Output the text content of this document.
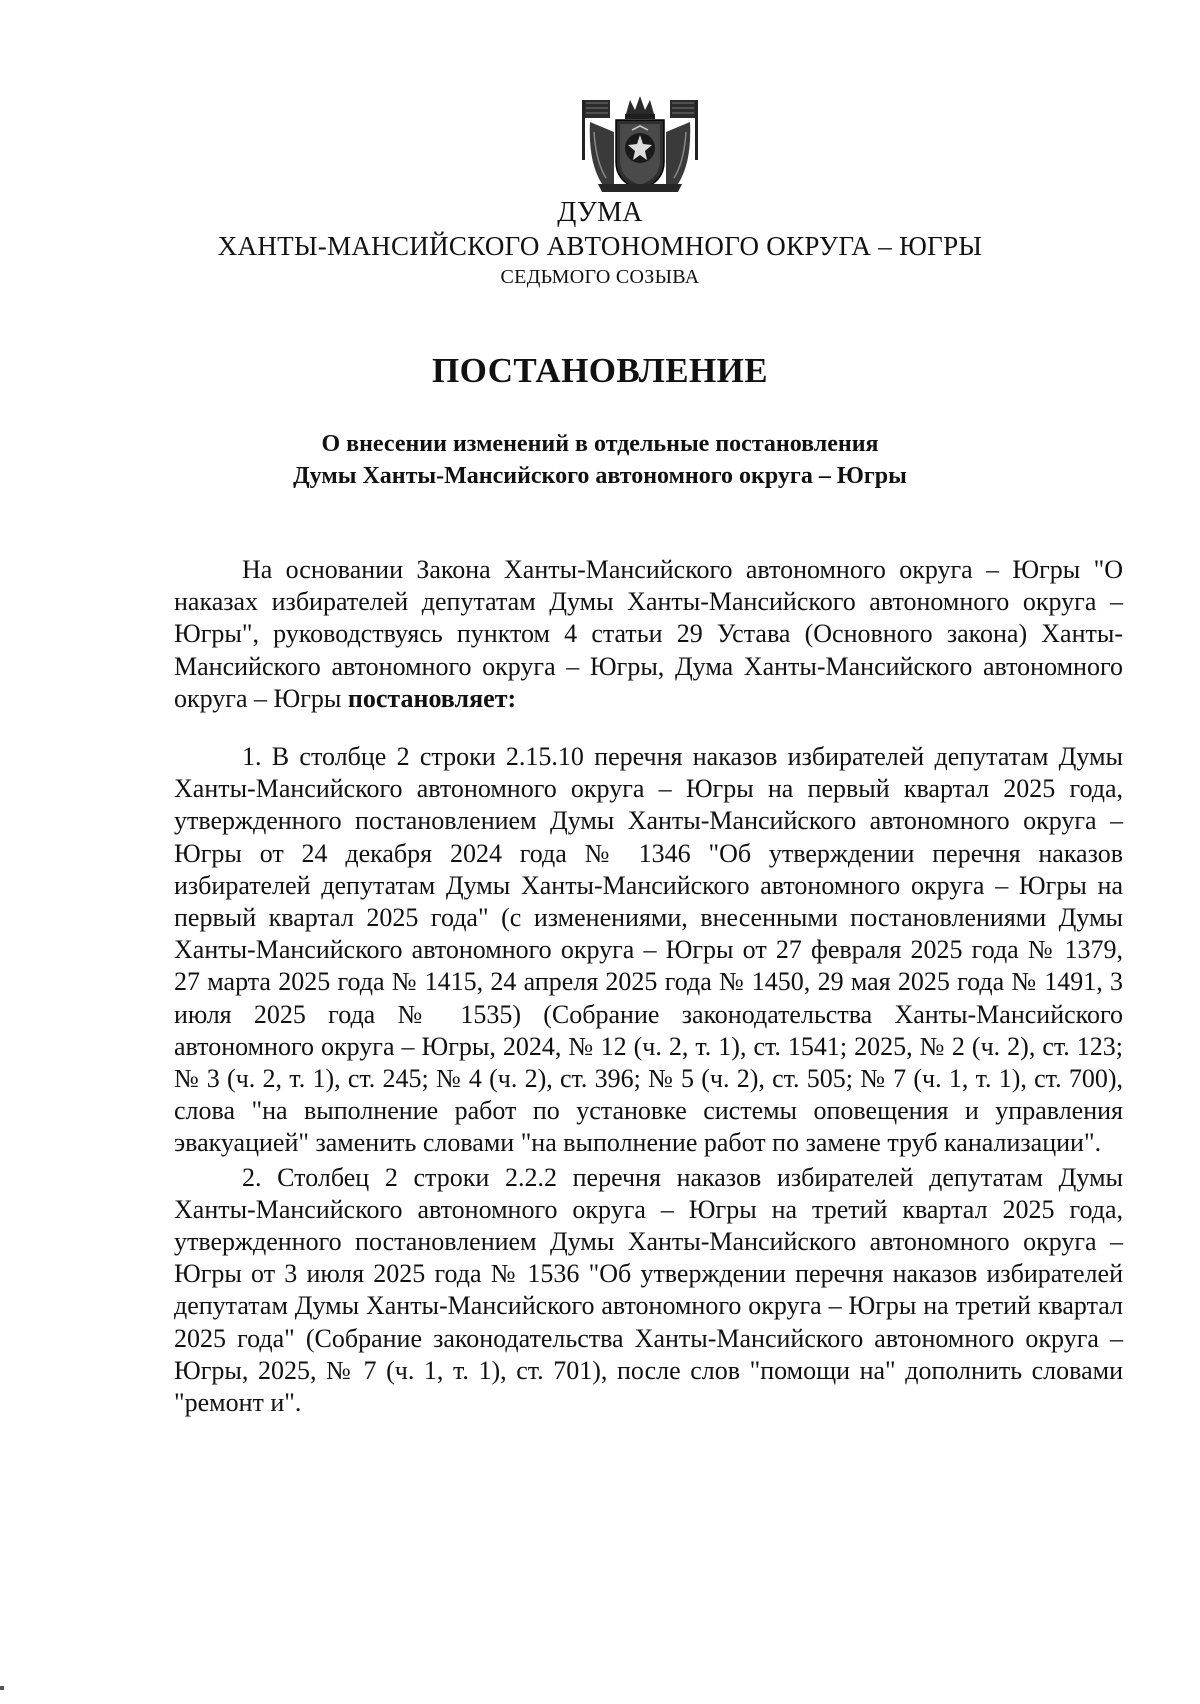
ДУМА
ХАНТЫ-МАНСИЙСКОГО АВТОНОМНОГО ОКРУГА – ЮГРЫ
СЕДЬМОГО СОЗЫВА
ПОСТАНОВЛЕНИЕ
О внесении изменений в отдельные постановления
Думы Ханты-Мансийского автономного округа – Югры

На основании Закона Ханты-Мансийского автономного округа – Югры "О наказах избирателей депутатам Думы Ханты-Мансийского автономного округа – Югры", руководствуясь пунктом 4 статьи 29 Устава (Основного закона) Ханты-Мансийского автономного округа – Югры, Дума Ханты-Мансийского автономного округа – Югры постановляет:

1. В столбце 2 строки 2.15.10 перечня наказов избирателей депутатам Думы Ханты-Мансийского автономного округа – Югры на первый квартал 2025 года, утвержденного постановлением Думы Ханты-Мансийского автономного округа – Югры от 24 декабря 2024 года № 1346 "Об утверждении перечня наказов избирателей депутатам Думы Ханты-Мансийского автономного округа – Югры на первый квартал 2025 года" (с изменениями, внесенными постановлениями Думы Ханты-Мансийского автономного округа – Югры от 27 февраля 2025 года № 1379, 27 марта 2025 года № 1415, 24 апреля 2025 года № 1450, 29 мая 2025 года № 1491, 3 июля 2025 года № 1535) (Собрание законодательства Ханты-Мансийского автономного округа – Югры, 2024, № 12 (ч. 2, т. 1), ст. 1541; 2025, № 2 (ч. 2), ст. 123; № 3 (ч. 2, т. 1), ст. 245; № 4 (ч. 2), ст. 396; № 5 (ч. 2), ст. 505; № 7 (ч. 1, т. 1), ст. 700), слова "на выполнение работ по установке системы оповещения и управления эвакуацией" заменить словами "на выполнение работ по замене труб канализации".

2. Столбец 2 строки 2.2.2 перечня наказов избирателей депутатам Думы Ханты-Мансийского автономного округа – Югры на третий квартал 2025 года, утвержденного постановлением Думы Ханты-Мансийского автономного округа – Югры от 3 июля 2025 года № 1536 "Об утверждении перечня наказов избирателей депутатам Думы Ханты-Мансийского автономного округа – Югры на третий квартал 2025 года" (Собрание законодательства Ханты-Мансийского автономного округа – Югры, 2025, № 7 (ч. 1, т. 1), ст. 701), после слов "помощи на" дополнить словами "ремонт и".
